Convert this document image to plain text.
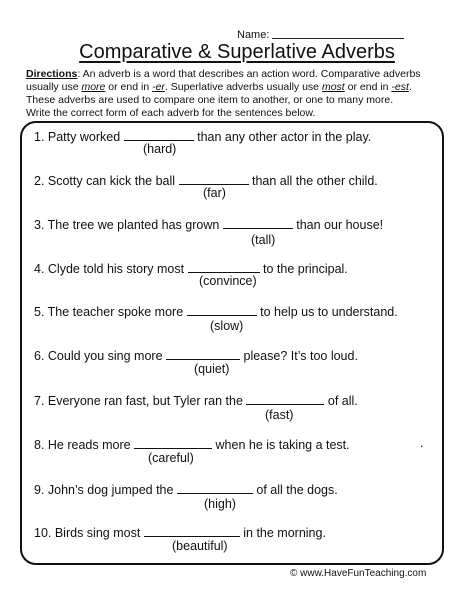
Name:
Comparative & Superlative Adverbs
Directions: An adverb is a word that describes an action word. Comparative adverbs
usually use more or end in -er. Superlative adverbs usually use most or end in -est.
These adverbs are used to compare one item to another, or one to many more.
Write the correct form of each adverb for the sentences below.
1. Patty worked	than any other actor in the play.
(hard)
2. Scotty can kick the ball	than all the other child.
(far)
3. The tree we planted has grown	than our house!
(tall)
4. Clyde told his story most	to the principal.
(convince)
5. The teacher spoke more	to help us to understand.
(slow)
6. Could you sing more	please? It’s too loud.
(quiet)
7. Everyone ran fast, but Tyler ran the	of all.
(fast)
8. He reads more	when he is taking a test.	.
(careful)
9. John’s dog jumped the	of all the dogs.
(high)
10. Birds sing most	in the morning.
(beautiful)
© www.HaveFunTeaching.com
